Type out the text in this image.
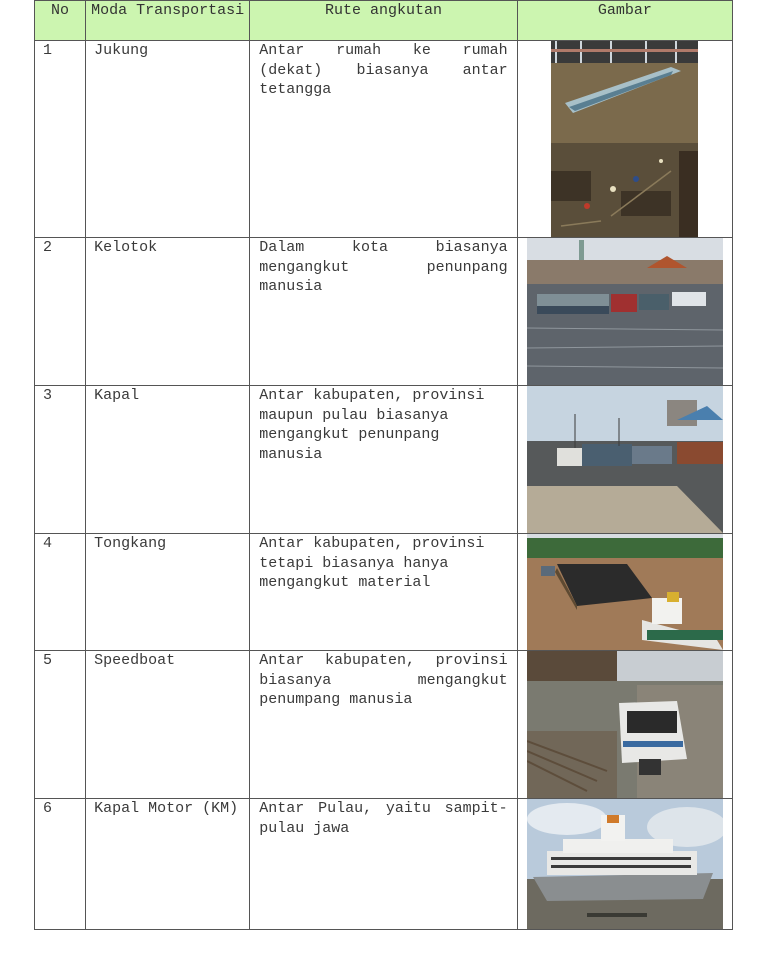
No	Moda Transportasi	Rute angkutan	Gambar
1	Jukung	Antar rumah ke rumah (dekat) biasanya antar tetangga	

2	Kelotok	Dalam kota biasanya mengangkut penunpang manusia	

3	Kapal	Antar kabupaten, provinsi maupun pulau biasanya mengangkut penunpang manusia	

4	Tongkang	Antar kabupaten, provinsi tetapi biasanya hanya mengangkut material	

5	Speedboat	Antar kabupaten, provinsi biasanya mengangkut penumpang manusia	

6	Kapal Motor (KM)	Antar Pulau, yaitu sampit-pulau jawa	
